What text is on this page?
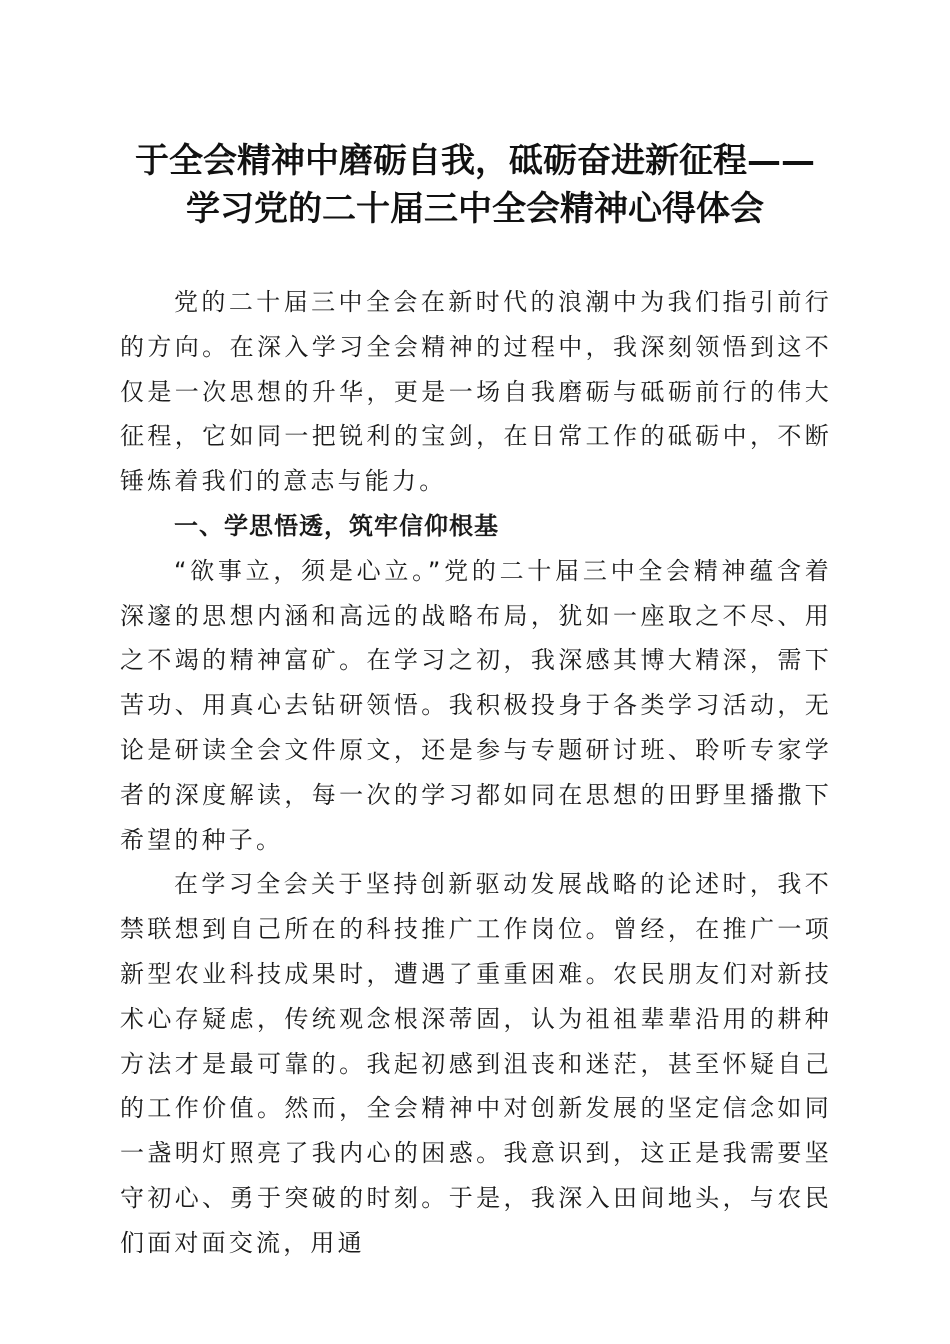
于全会精神中磨砺自我，砥砺奋进新征程——
学习党的二十届三中全会精神心得体会

党的二十届三中全会在新时代的浪潮中为我们指引前行的方向。在深入学习全会精神的过程中，我深刻领悟到这不仅是一次思想的升华，更是一场自我磨砺与砥砺前行的伟大征程，它如同一把锐利的宝剑，在日常工作的砥砺中，不断锤炼着我们的意志与能力。

一、学思悟透，筑牢信仰根基

“欲事立，须是心立。”党的二十届三中全会精神蕴含着深邃的思想内涵和高远的战略布局，犹如一座取之不尽、用之不竭的精神富矿。在学习之初，我深感其博大精深，需下苦功、用真心去钻研领悟。我积极投身于各类学习活动，无论是研读全会文件原文，还是参与专题研讨班、聆听专家学者的深度解读，每一次的学习都如同在思想的田野里播撒下希望的种子。

在学习全会关于坚持创新驱动发展战略的论述时，我不禁联想到自己所在的科技推广工作岗位。曾经，在推广一项新型农业科技成果时，遭遇了重重困难。农民朋友们对新技术心存疑虑，传统观念根深蒂固，认为祖祖辈辈沿用的耕种方法才是最可靠的。我起初感到沮丧和迷茫，甚至怀疑自己的工作价值。然而，全会精神中对创新发展的坚定信念如同一盏明灯照亮了我内心的困惑。我意识到，这正是我需要坚守初心、勇于突破的时刻。于是，我深入田间地头，与农民们面对面交流，用通
